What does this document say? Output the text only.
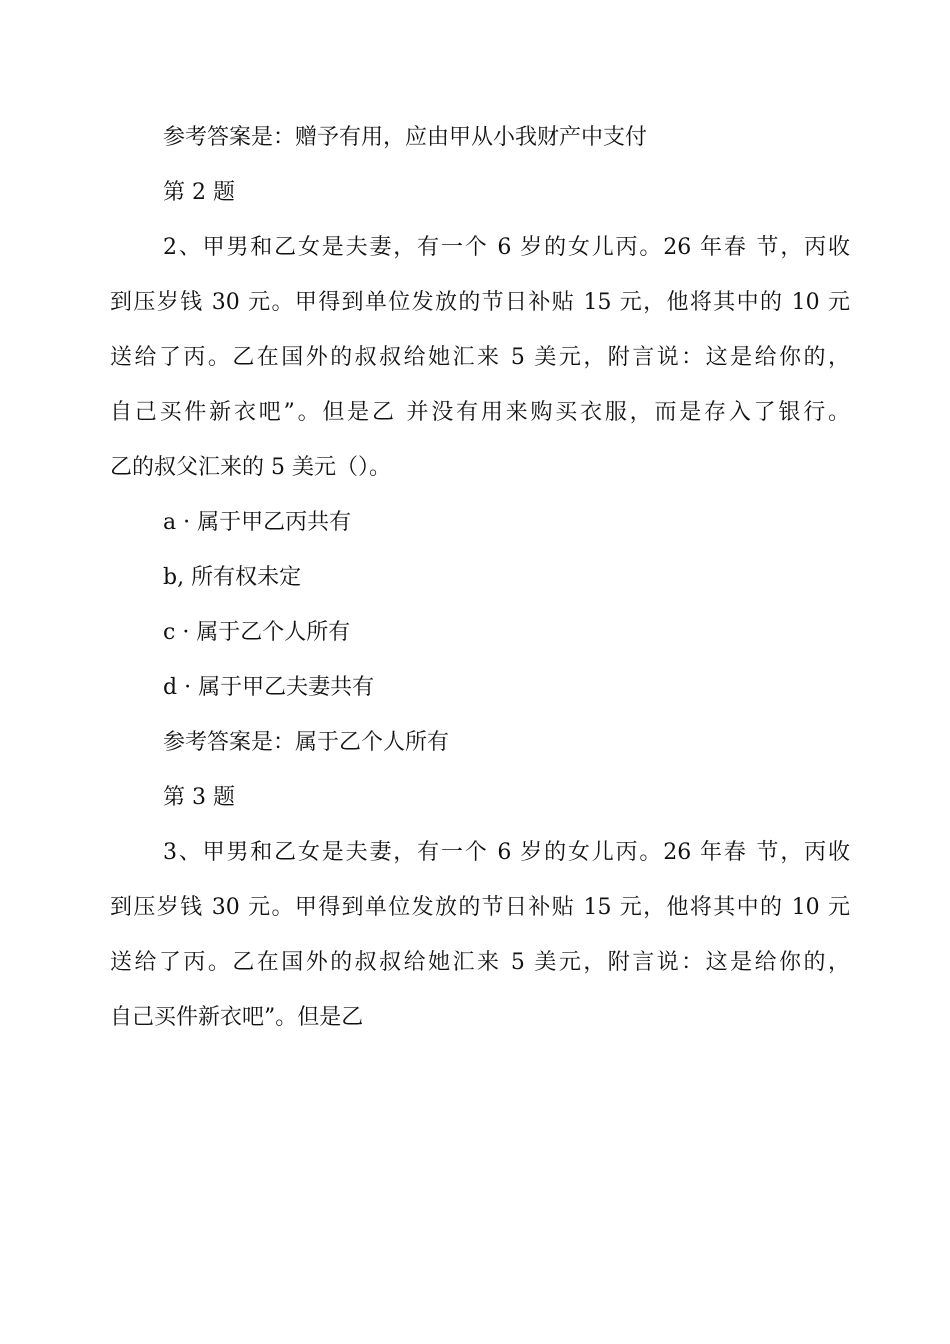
参考答案是：赠予有用，应由甲从小我财产中支付
第 2 题
2、甲男和乙女是夫妻，有一个 6 岁的女儿丙。26 年春 节，丙收
到压岁钱 30 元。甲得到单位发放的节日补贴 15 元，他将其中的 10 元
送给了丙。乙在国外的叔叔给她汇来 5 美元，附言说：这是给你的，
自己买件新衣吧”。但是乙 并没有用来购买衣服，而是存入了银行。
乙的叔父汇来的 5 美元（）。
a · 属于甲乙丙共有
b, 所有权未定
c · 属于乙个人所有
d · 属于甲乙夫妻共有
参考答案是：属于乙个人所有
第 3 题
3、甲男和乙女是夫妻，有一个 6 岁的女儿丙。26 年春 节，丙收
到压岁钱 30 元。甲得到单位发放的节日补贴 15 元，他将其中的 10 元
送给了丙。乙在国外的叔叔给她汇来 5 美元，附言说：这是给你的，
自己买件新衣吧”。但是乙
